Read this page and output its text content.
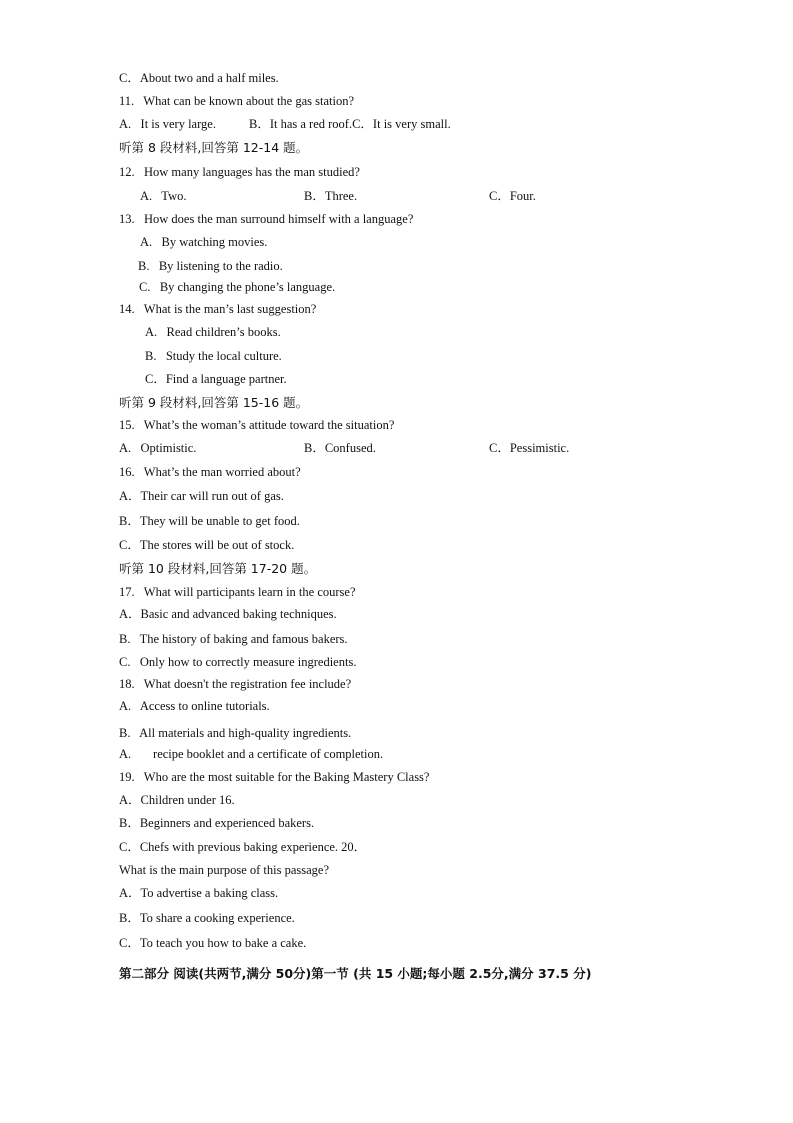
C．About two and a half miles.
11.   What can be known about the gas station?
A.   It is very large.	B．It has a red roof.C．It is very small.
听第 8 段材料,回答第 12-14 题。
12.   How many languages has the man studied?
A.   Two.	B．Three.	C．Four.
13.   How does the man surround himself with a language?
A.   By watching movies.
B.   By listening to the radio.
C.   By changing the phone’s language.
14.   What is the man’s last suggestion?
A.   Read children’s books.
B.   Study the local culture.
C．Find a language partner.
听第 9 段材料,回答第 15-16 题。
15.   What’s the woman’s attitude toward the situation?
A.   Optimistic.	B．Confused.	C．Pessimistic.
16.   What’s the man worried about?
A．Their car will run out of gas.
B．They will be unable to get food.
C．The stores will be out of stock.
听第 10 段材料,回答第 17-20 题。
17.   What will participants learn in the course?
A．Basic and advanced baking techniques.
B.   The history of baking and famous bakers.
C.   Only how to correctly measure ingredients.
18.   What doesn't the registration fee include?
A.   Access to online tutorials.
B.   All materials and high-quality ingredients.
A.       recipe booklet and a certificate of completion.
19.   Who are the most suitable for the Baking Mastery Class?
A．Children under 16.
B．Beginners and experienced bakers.
C．Chefs with previous baking experience. 20．
What is the main purpose of this passage?
A．To advertise a baking class.
B．To share a cooking experience.
C．To teach you how to bake a cake.
第二部分 阅读(共两节,满分 50分)第一节 (共 15 小题;每小题 2.5分,满分 37.5 分)
